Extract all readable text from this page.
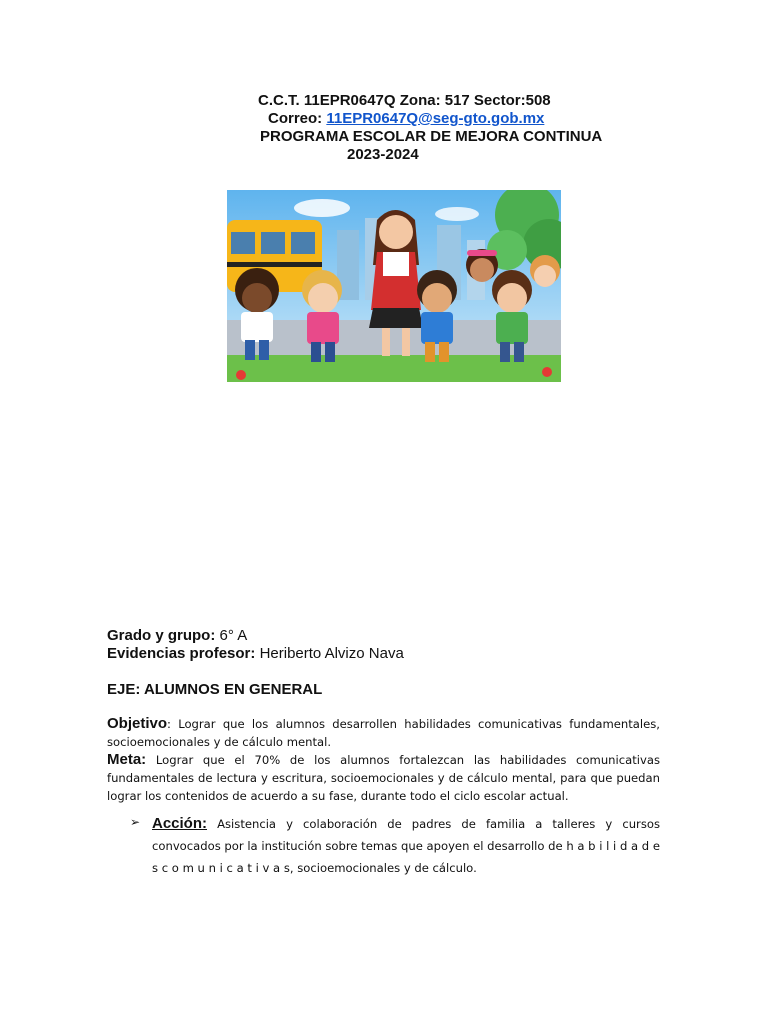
C.C.T. 11EPR0647Q Zona: 517 Sector:508
Correo: 11EPR0647Q@seg-gto.gob.mx
PROGRAMA ESCOLAR DE MEJORA CONTINUA
2023-2024
Grado y grupo: 6° A
Evidencias profesor: Heriberto Alvizo Nava
EJE: ALUMNOS EN GENERAL
Objetivo: Lograr que los alumnos desarrollen habilidades comunicativas fundamentales, socioemocionales y de cálculo mental.
Meta: Lograr que el 70% de los alumnos fortalezcan las habilidades comunicativas fundamentales de lectura y escritura, socioemocionales y de cálculo mental, para que puedan lograr los contenidos de acuerdo a su fase, durante todo el ciclo escolar actual.
➢ Acción: Asistencia y colaboración de padres de familia a talleres y cursos convocados por la institución sobre temas que apoyen el desarrollo de h a b i l i d a d e s c o m u n i c a t i v a s, socioemocionales y de cálculo.
